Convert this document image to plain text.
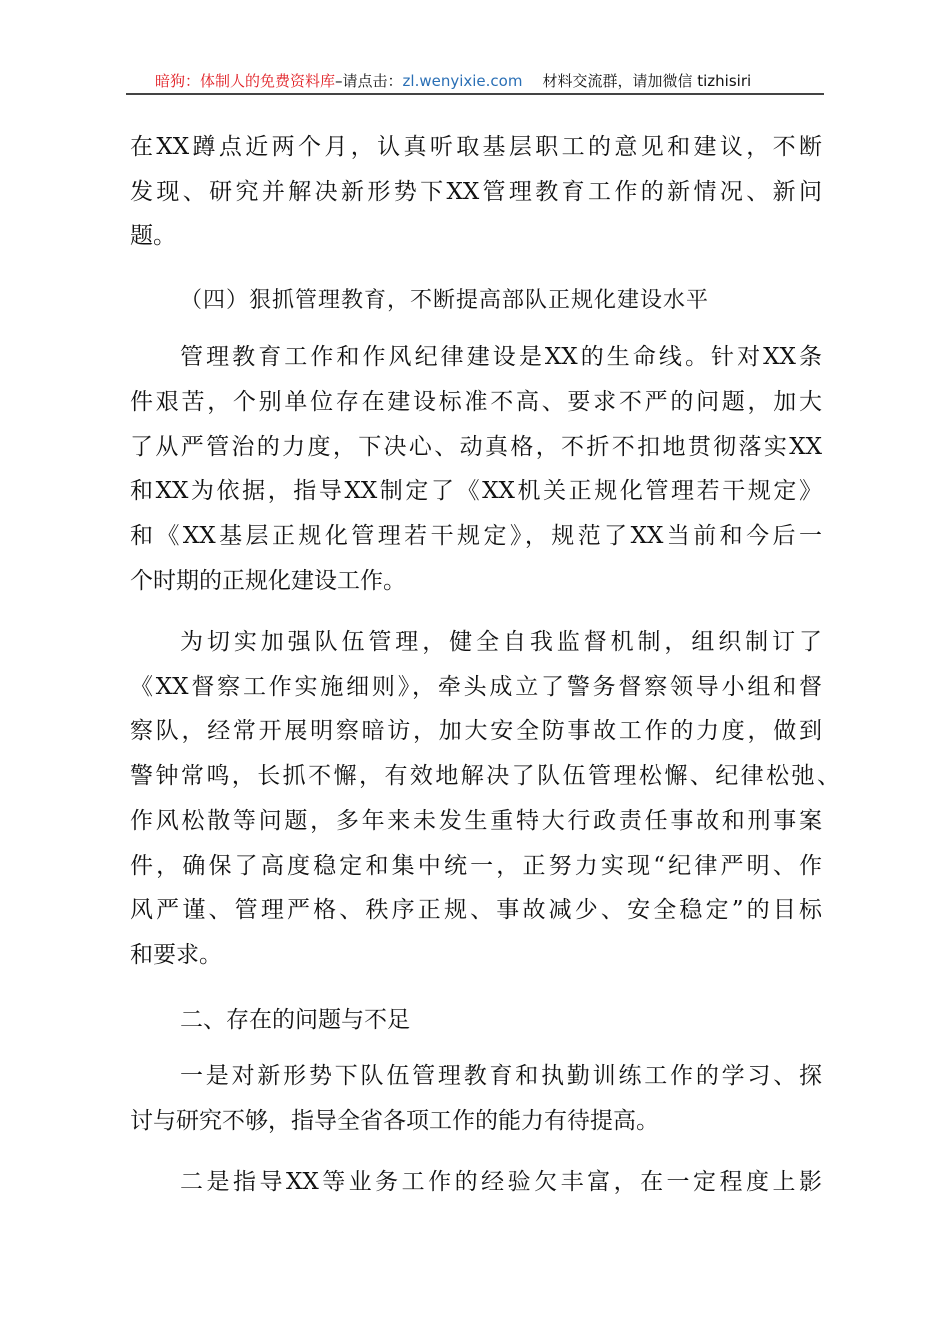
暗狗：体制人的免费资料库–请点击：zl.wenyixie.com 材料交流群，请加微信 tizhisiri
在XX蹲点近两个月，认真听取基层职工的意见和建议，不断
发现、研究并解决新形势下XX管理教育工作的新情况、新问
题。
（四）狠抓管理教育，不断提高部队正规化建设水平
管理教育工作和作风纪律建设是XX的生命线。针对XX条
件艰苦，个别单位存在建设标准不高、要求不严的问题，加大
了从严管治的力度，下决心、动真格，不折不扣地贯彻落实XX
和XX为依据，指导XX制定了《XX机关正规化管理若干规定》
和《XX基层正规化管理若干规定》，规范了XX当前和今后一
个时期的正规化建设工作。
为切实加强队伍管理，健全自我监督机制，组织制订了
《XX督察工作实施细则》，牵头成立了警务督察领导小组和督
察队，经常开展明察暗访，加大安全防事故工作的力度，做到
警钟常鸣，长抓不懈，有效地解决了队伍管理松懈、纪律松弛、
作风松散等问题，多年来未发生重特大行政责任事故和刑事案
件，确保了高度稳定和集中统一，正努力实现“纪律严明、作
风严谨、管理严格、秩序正规、事故减少、安全稳定”的目标
和要求。
二、存在的问题与不足
一是对新形势下队伍管理教育和执勤训练工作的学习、探
讨与研究不够，指导全省各项工作的能力有待提高。
二是指导XX等业务工作的经验欠丰富，在一定程度上影
